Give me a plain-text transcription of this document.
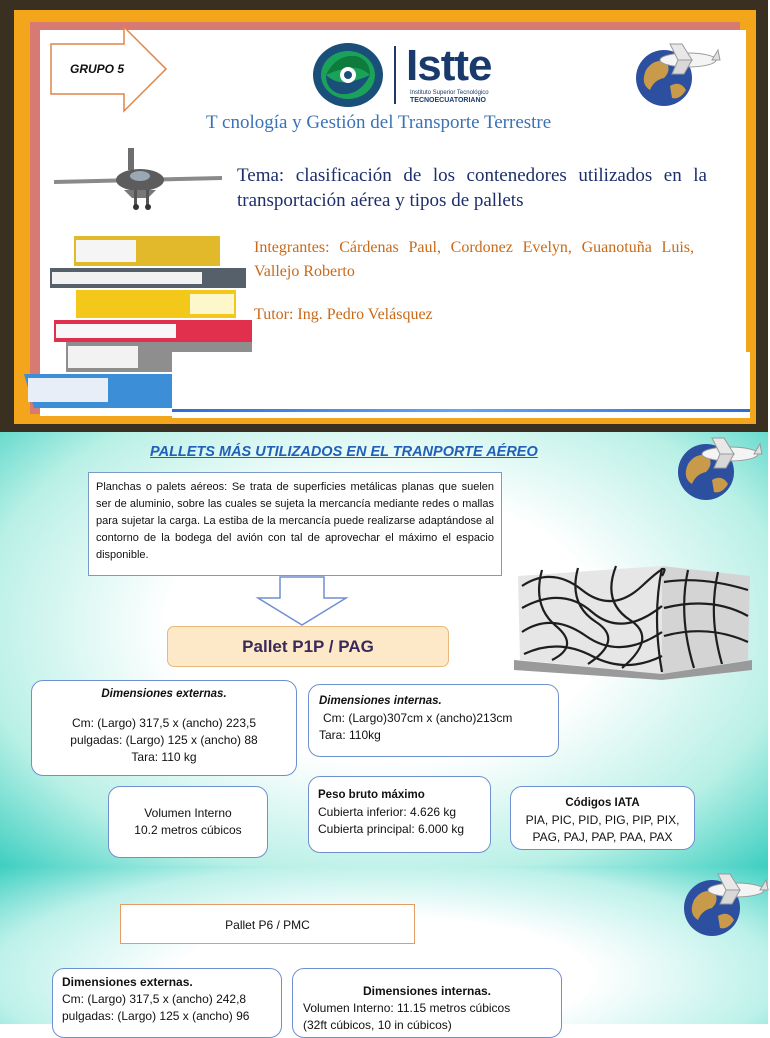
GRUPO 5	Istte
Instituto Superior Tecnológico
TECNOECUATORIANO
T cnología y Gestión del Transporte Terrestre
Tema: clasificación de los contenedores utilizados en la transportación aérea y tipos de pallets
Integrantes: Cárdenas Paul, Cordonez Evelyn, Guanotuña Luis, Vallejo Roberto
Tutor: Ing. Pedro Velásquez
PALLETS MÁS UTILIZADOS EN EL TRANPORTE AÉREO
Planchas o palets aéreos: Se trata de superficies metálicas planas que suelen ser de aluminio, sobre las cuales se sujeta la mercancía mediante redes o mallas para sujetar la carga. La estiba de la mercancía puede realizarse adaptándose al contorno de la bodega del avión con tal de aprovechar el máximo el espacio disponible.
Pallet P1P / PAG
Dimensiones externas.
Cm: (Largo) 317,5 x (ancho) 223,5
pulgadas: (Largo) 125 x (ancho) 88
Tara: 110 kg
Dimensiones internas.
Cm: (Largo)307cm x (ancho)213cm
Tara: 110kg
Volumen Interno
10.2 metros cúbicos
Peso bruto máximo
Cubierta inferior: 4.626 kg
Cubierta principal: 6.000 kg
Códigos IATA
PIA, PIC, PID, PIG, PIP, PIX,
PAG, PAJ, PAP, PAA, PAX
Pallet P6 / PMC
Dimensiones externas.
Cm: (Largo) 317,5 x (ancho) 242,8
pulgadas: (Largo) 125 x (ancho) 96
Dimensiones internas.
Volumen Interno: 11.15 metros cúbicos
(32ft cúbicos, 10 in cúbicos)
